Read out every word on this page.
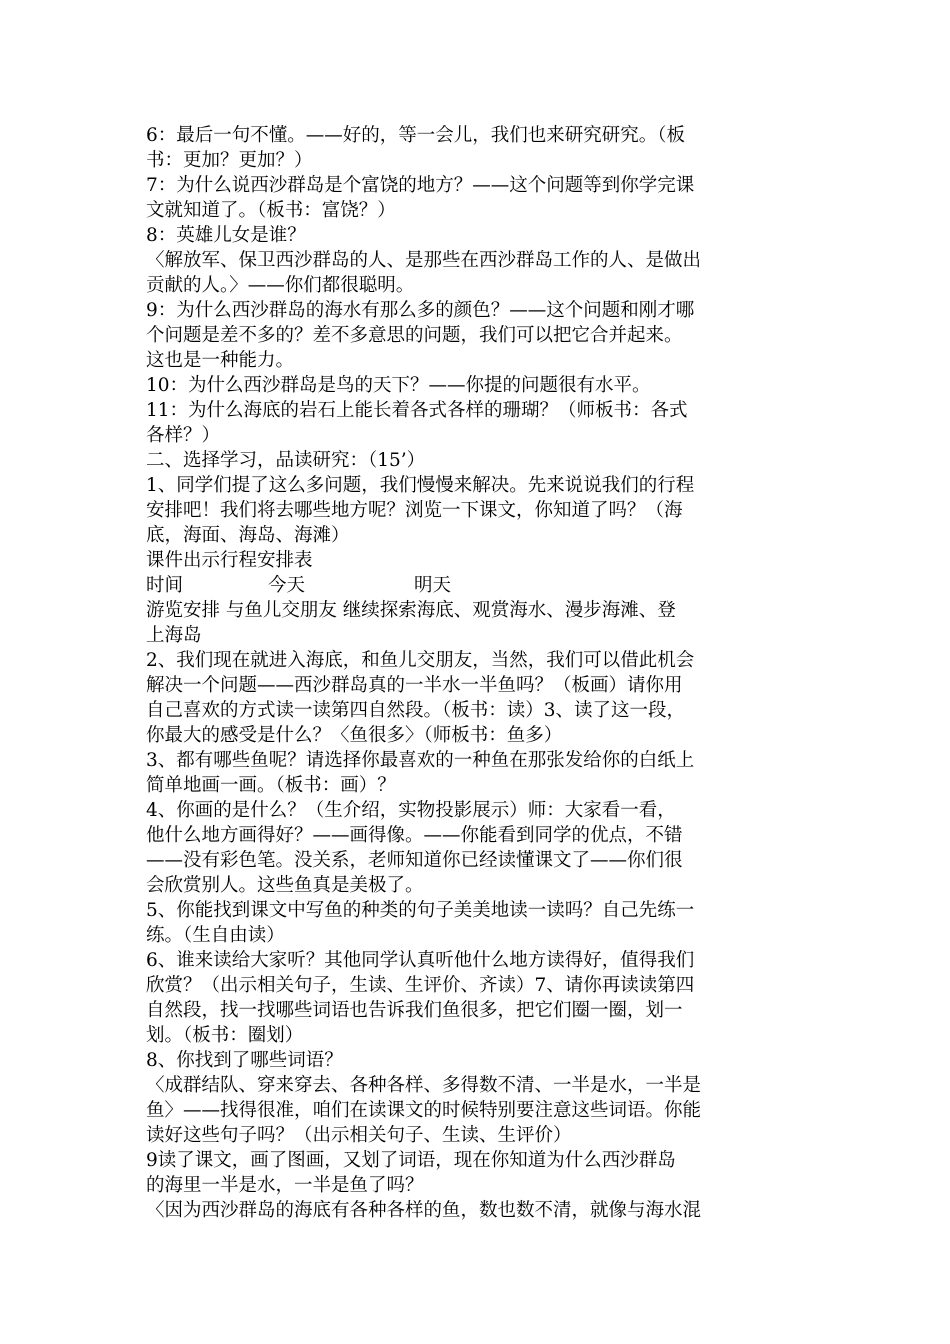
6：最后一句不懂。——好的，等一会儿，我们也来研究研究。（板
书：更加？更加？）
7：为什么说西沙群岛是个富饶的地方？——这个问题等到你学完课
文就知道了。（板书：富饶？）
8：英雄儿女是谁？
〈解放军、保卫西沙群岛的人、是那些在西沙群岛工作的人、是做出
贡献的人。〉——你们都很聪明。
9：为什么西沙群岛的海水有那么多的颜色？——这个问题和刚才哪
个问题是差不多的？差不多意思的问题，我们可以把它合并起来。
这也是一种能力。
10：为什么西沙群岛是鸟的天下？——你提的问题很有水平。
11：为什么海底的岩石上能长着各式各样的珊瑚？（师板书：各式
各样？）
二、选择学习，品读研究：（15’）
1、同学们提了这么多问题，我们慢慢来解决。先来说说我们的行程
安排吧！我们将去哪些地方呢？浏览一下课文，你知道了吗？（海
底，海面、海岛、海滩）
课件出示行程安排表
时间	今天	明天
游览安排 与鱼儿交朋友 继续探索海底、观赏海水、漫步海滩、登
上海岛
2、我们现在就进入海底，和鱼儿交朋友，当然，我们可以借此机会
解决一个问题——西沙群岛真的一半水一半鱼吗？（板画）请你用
自己喜欢的方式读一读第四自然段。（板书：读）3、读了这一段，
你最大的感受是什么？〈鱼很多〉（师板书：鱼多）
3、都有哪些鱼呢？请选择你最喜欢的一种鱼在那张发给你的白纸上
简单地画一画。（板书：画）？
4、你画的是什么？（生介绍，实物投影展示）师：大家看一看，
他什么地方画得好？——画得像。——你能看到同学的优点，不错
——没有彩色笔。没关系，老师知道你已经读懂课文了——你们很
会欣赏别人。这些鱼真是美极了。
5、你能找到课文中写鱼的种类的句子美美地读一读吗？自己先练一
练。（生自由读）
6、谁来读给大家听？其他同学认真听他什么地方读得好，值得我们
欣赏？（出示相关句子，生读、生评价、齐读）7、请你再读读第四
自然段，找一找哪些词语也告诉我们鱼很多，把它们圈一圈，划一
划。（板书：圈划）
8、你找到了哪些词语？
〈成群结队、穿来穿去、各种各样、多得数不清、一半是水，一半是
鱼〉——找得很准，咱们在读课文的时候特别要注意这些词语。你能
读好这些句子吗？（出示相关句子、生读、生评价）
9读了课文，画了图画，又划了词语，现在你知道为什么西沙群岛
的海里一半是水，一半是鱼了吗？
〈因为西沙群岛的海底有各种各样的鱼，数也数不清，就像与海水混
